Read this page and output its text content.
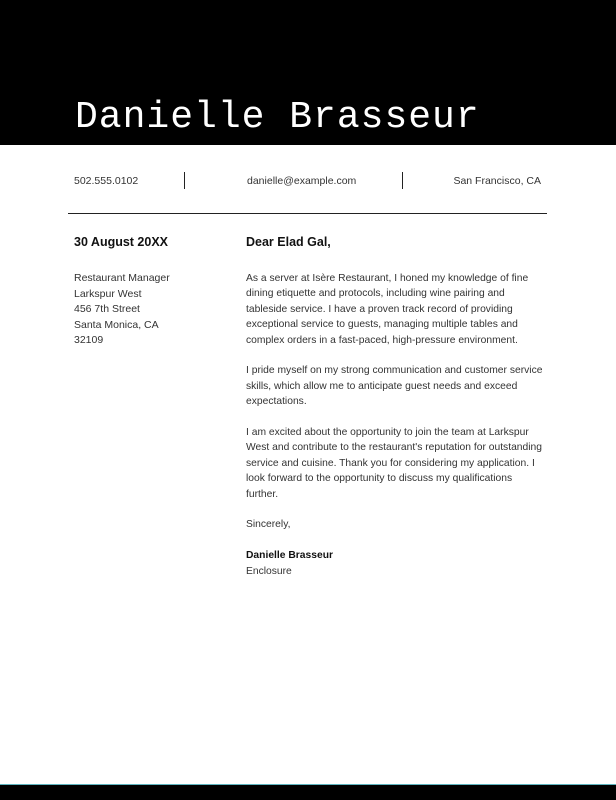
Danielle Brasseur
502.555.0102	danielle@example.com	San Francisco, CA
30 August 20XX
Restaurant Manager
Larkspur West
456 7th Street
Santa Monica, CA
32109
Dear Elad Gal,

As a server at Isère Restaurant, I honed my knowledge of fine dining etiquette and protocols, including wine pairing and tableside service. I have a proven track record of providing exceptional service to guests, managing multiple tables and complex orders in a fast-paced, high-pressure environment.

I pride myself on my strong communication and customer service skills, which allow me to anticipate guest needs and exceed expectations.

I am excited about the opportunity to join the team at Larkspur West and contribute to the restaurant's reputation for outstanding service and cuisine. Thank you for considering my application. I look forward to the opportunity to discuss my qualifications further.

Sincerely,
Danielle Brasseur
Enclosure
